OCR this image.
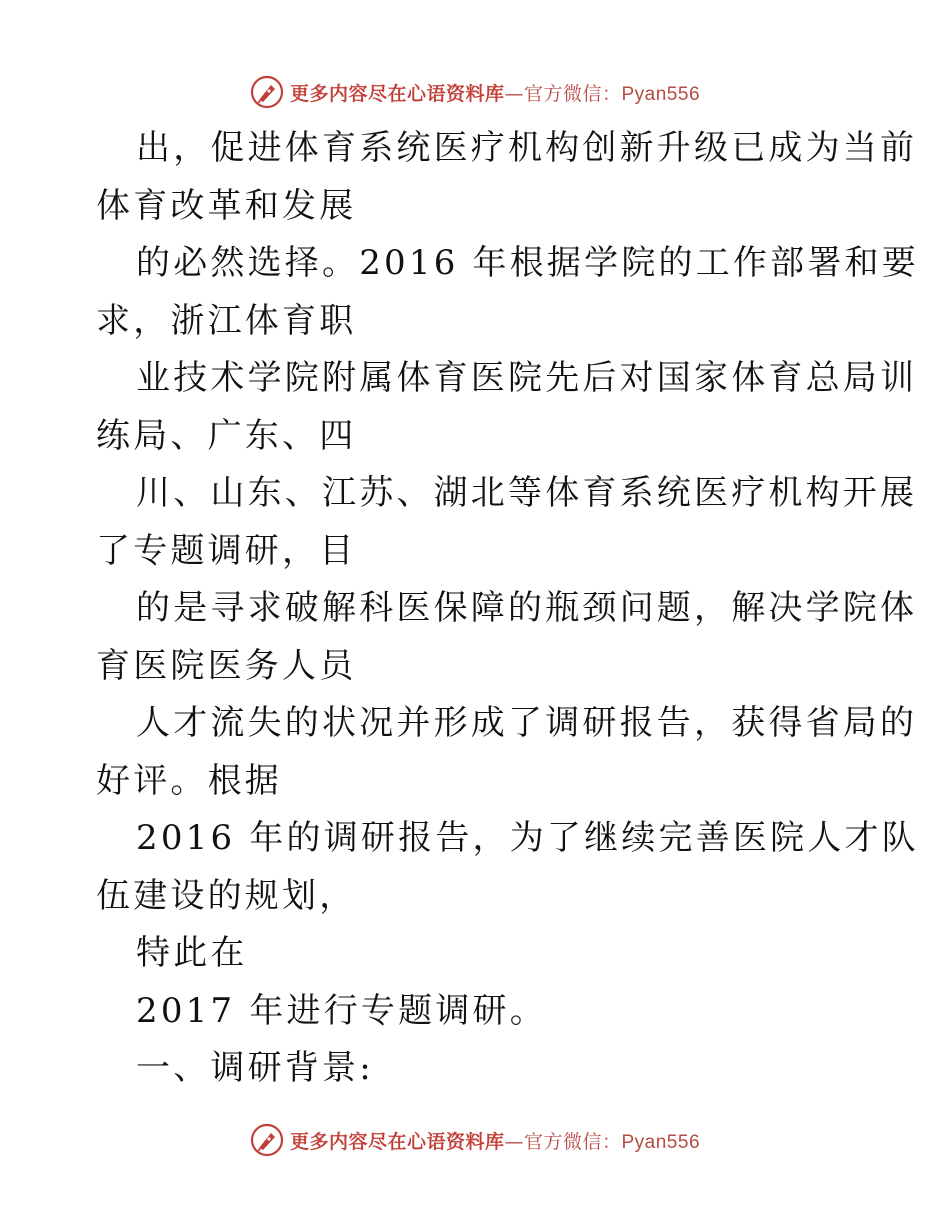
更多内容尽在心语资料库—官方微信：Pyan556
出，促进体育系统医疗机构创新升级已成为当前
体育改革和发展
的必然选择。2016 年根据学院的工作部署和要
求，浙江体育职
业技术学院附属体育医院先后对国家体育总局训
练局、广东、四
川、山东、江苏、湖北等体育系统医疗机构开展
了专题调研，目
的是寻求破解科医保障的瓶颈问题，解决学院体
育医院医务人员
人才流失的状况并形成了调研报告，获得省局的
好评。根据
2016 年的调研报告，为了继续完善医院人才队
伍建设的规划，
特此在
2017 年进行专题调研。
一、调研背景:
更多内容尽在心语资料库—官方微信：Pyan556
